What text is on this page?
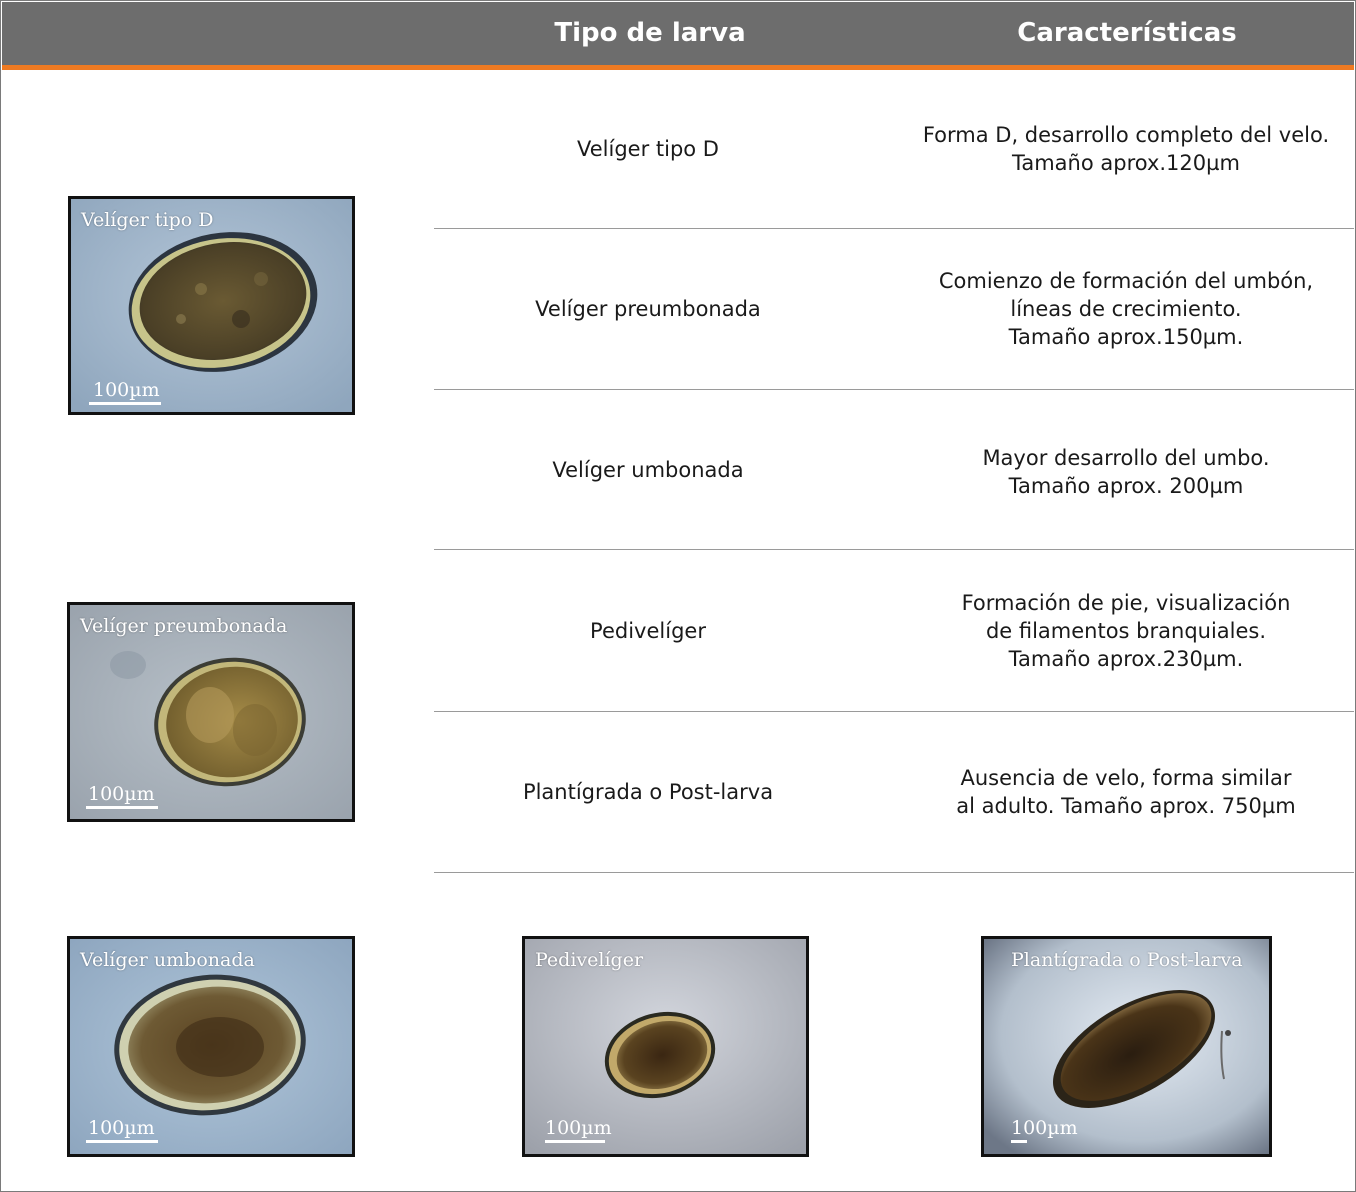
Tipo de larva	Características
Velíger tipo D
Forma D, desarrollo completo del velo.
Tamaño aprox.120µm
Velíger preumbonada
Comienzo de formación del umbón,
líneas de crecimiento.
Tamaño aprox.150µm.
Velíger umbonada	Mayor desarrollo del umbo.
Tamaño aprox. 200µm
Pedivelíger
Formación de pie, visualización
de filamentos branquiales.
Tamaño aprox.230µm.
Plantígrada o Post-larva
Ausencia de velo, forma similar
al adulto. Tamaño aprox. 750µm
Velíger tipo D
100µm
Velíger preumbonada
100µm
Velíger umbonada
100µm
Pedivelíger
100µm
Plantígrada o Post-larva
100µm
